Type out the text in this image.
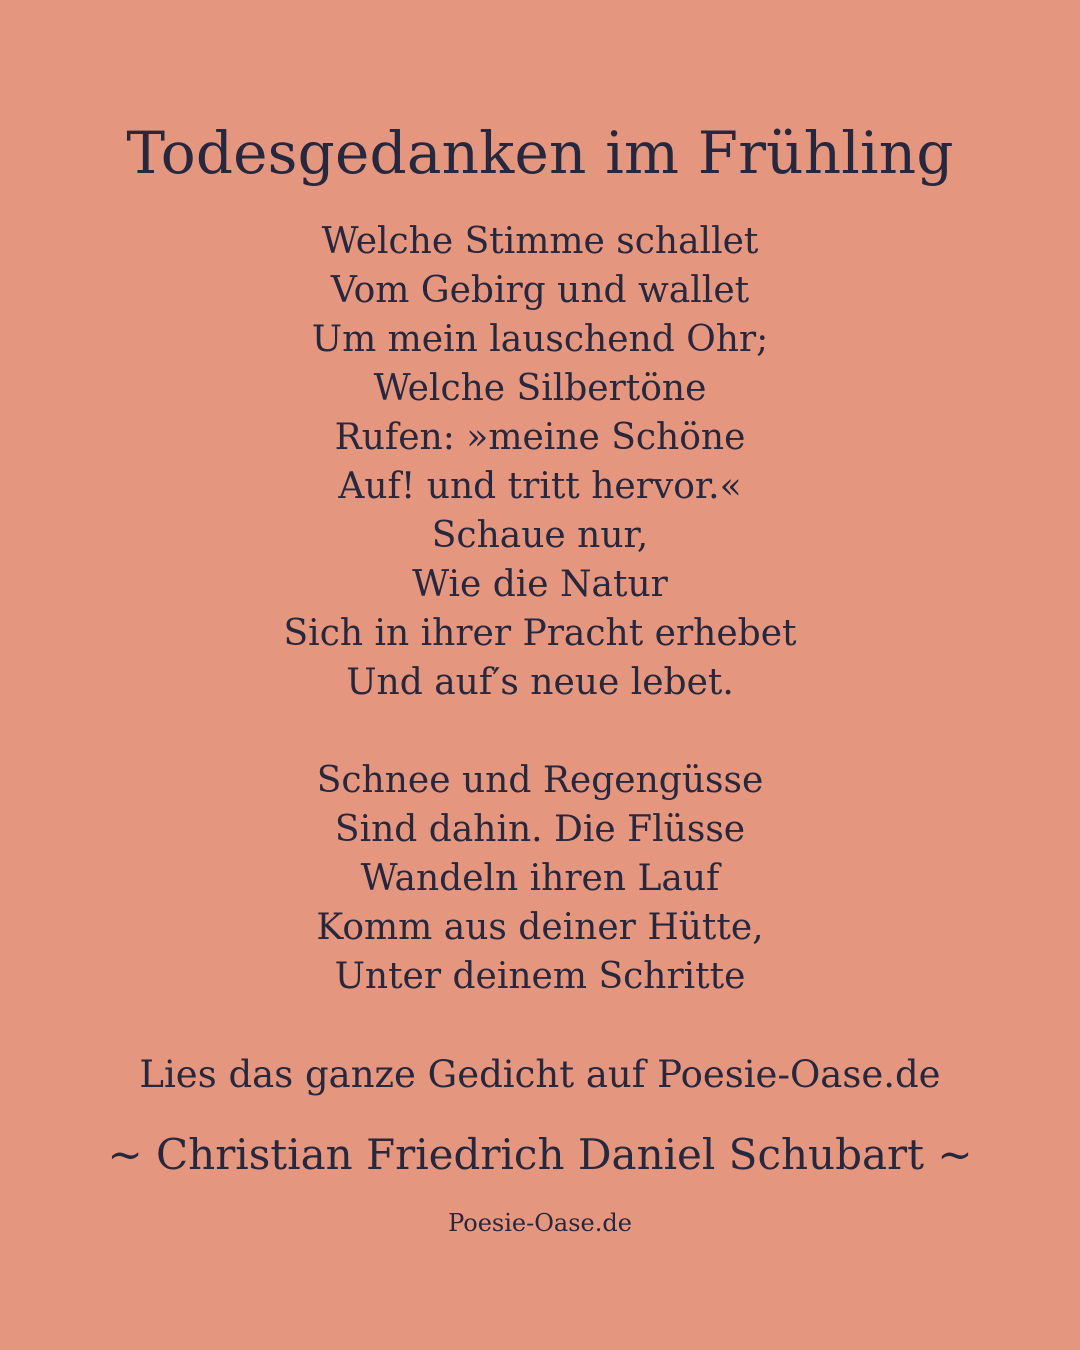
Todesgedanken im Frühling
Welche Stimme schallet
Vom Gebirg und wallet
Um mein lauschend Ohr;
Welche Silbertöne
Rufen: »meine Schöne
Auf! und tritt hervor.«
Schaue nur,
Wie die Natur
Sich in ihrer Pracht erhebet
Und auf′s neue lebet.
Schnee und Regengüsse
Sind dahin. Die Flüsse
Wandeln ihren Lauf
Komm aus deiner Hütte,
Unter deinem Schritte

Lies das ganze Gedicht auf Poesie-Oase.de

~ Christian Friedrich Daniel Schubart ~

Poesie-Oase.de
